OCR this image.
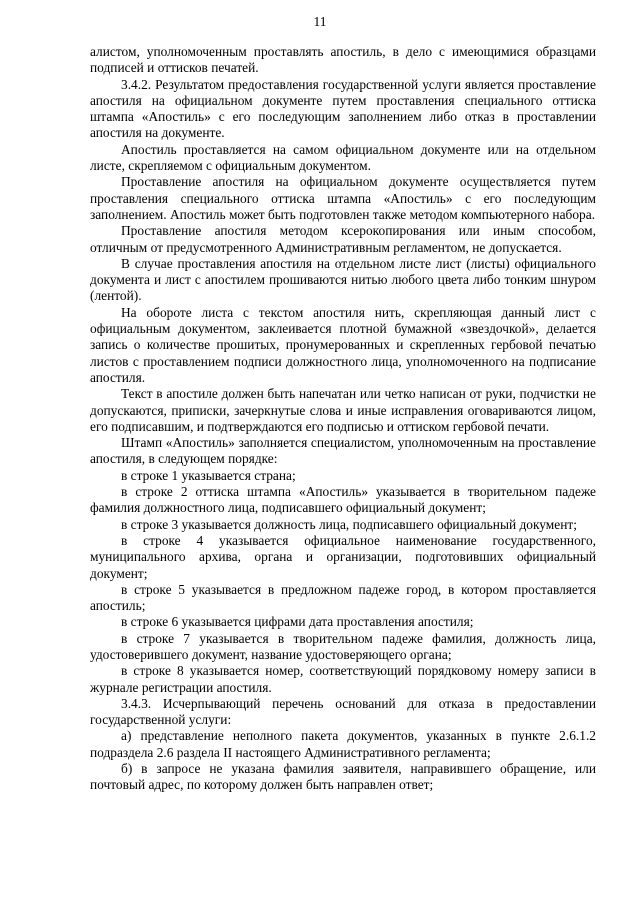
11

алистом, уполномоченным проставлять апостиль, в дело с имеющимися образцами подписей и оттисков печатей.

3.4.2. Результатом предоставления государственной услуги является проставление апостиля на официальном документе путем проставления специального оттиска штампа «Апостиль» с его последующим заполнением либо отказ в проставлении апостиля на документе.

Апостиль проставляется на самом официальном документе или на отдельном листе, скрепляемом с официальным документом.

Проставление апостиля на официальном документе осуществляется путем проставления специального оттиска штампа «Апостиль» с его последующим заполнением. Апостиль может быть подготовлен также методом компьютерного набора.

Проставление апостиля методом ксерокопирования или иным способом, отличным от предусмотренного Административным регламентом, не допускается.

В случае проставления апостиля на отдельном листе лист (листы) официального документа и лист с апостилем прошиваются нитью любого цвета либо тонким шнуром (лентой).

На обороте листа с текстом апостиля нить, скрепляющая данный лист с официальным документом, заклеивается плотной бумажной «звездочкой», делается запись о количестве прошитых, пронумерованных и скрепленных гербовой печатью листов с проставлением подписи должностного лица, уполномоченного на подписание апостиля.

Текст в апостиле должен быть напечатан или четко написан от руки, подчистки не допускаются, приписки, зачеркнутые слова и иные исправления оговариваются лицом, его подписавшим, и подтверждаются его подписью и оттиском гербовой печати.

Штамп «Апостиль» заполняется специалистом, уполномоченным на проставление апостиля, в следующем порядке:

в строке 1 указывается страна;

в строке 2 оттиска штампа «Апостиль» указывается в творительном падеже фамилия должностного лица, подписавшего официальный документ;

в строке 3 указывается должность лица, подписавшего официальный документ;

в строке 4 указывается официальное наименование государственного, муниципального архива, органа и организации, подготовивших официальный документ;

в строке 5 указывается в предложном падеже город, в котором проставляется апостиль;

в строке 6 указывается цифрами дата проставления апостиля;

в строке 7 указывается в творительном падеже фамилия, должность лица, удостоверившего документ, название удостоверяющего органа;

в строке 8 указывается номер, соответствующий порядковому номеру записи в журнале регистрации апостиля.

3.4.3. Исчерпывающий перечень оснований для отказа в предоставлении государственной услуги:

а) представление неполного пакета документов, указанных в пункте 2.6.1.2 подраздела 2.6 раздела II настоящего Административного регламента;

б) в запросе не указана фамилия заявителя, направившего обращение, или почтовый адрес, по которому должен быть направлен ответ;
